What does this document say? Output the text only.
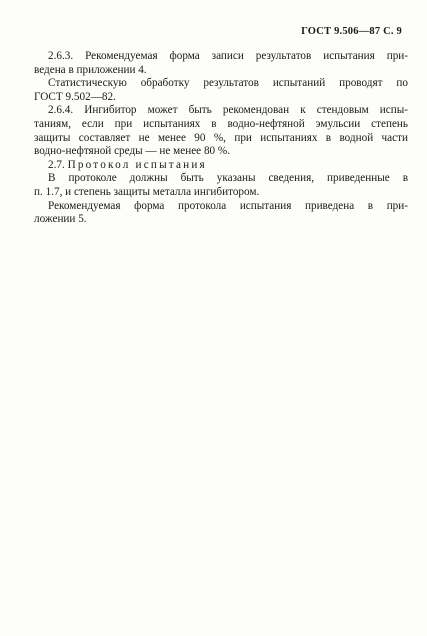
ГОСТ 9.506—87 С. 9
2.6.3. Рекомендуемая форма записи результатов испытания при-
ведена в приложении 4.
Статистическую обработку результатов испытаний проводят по
ГОСТ 9.502—82.
2.6.4. Ингибитор может быть рекомендован к стендовым испы-
таниям, если при испытаниях в водно-нефтяной эмульсии степень
защиты составляет не менее 90 %, при испытаниях в водной части
водно-нефтяной среды — не менее 80 %.
2.7. Протокол испытания
В протоколе должны быть указаны сведения, приведенные в
п. 1.7, и степень защиты металла ингибитором.
Рекомендуемая форма протокола испытания приведена в при-
ложении 5.
